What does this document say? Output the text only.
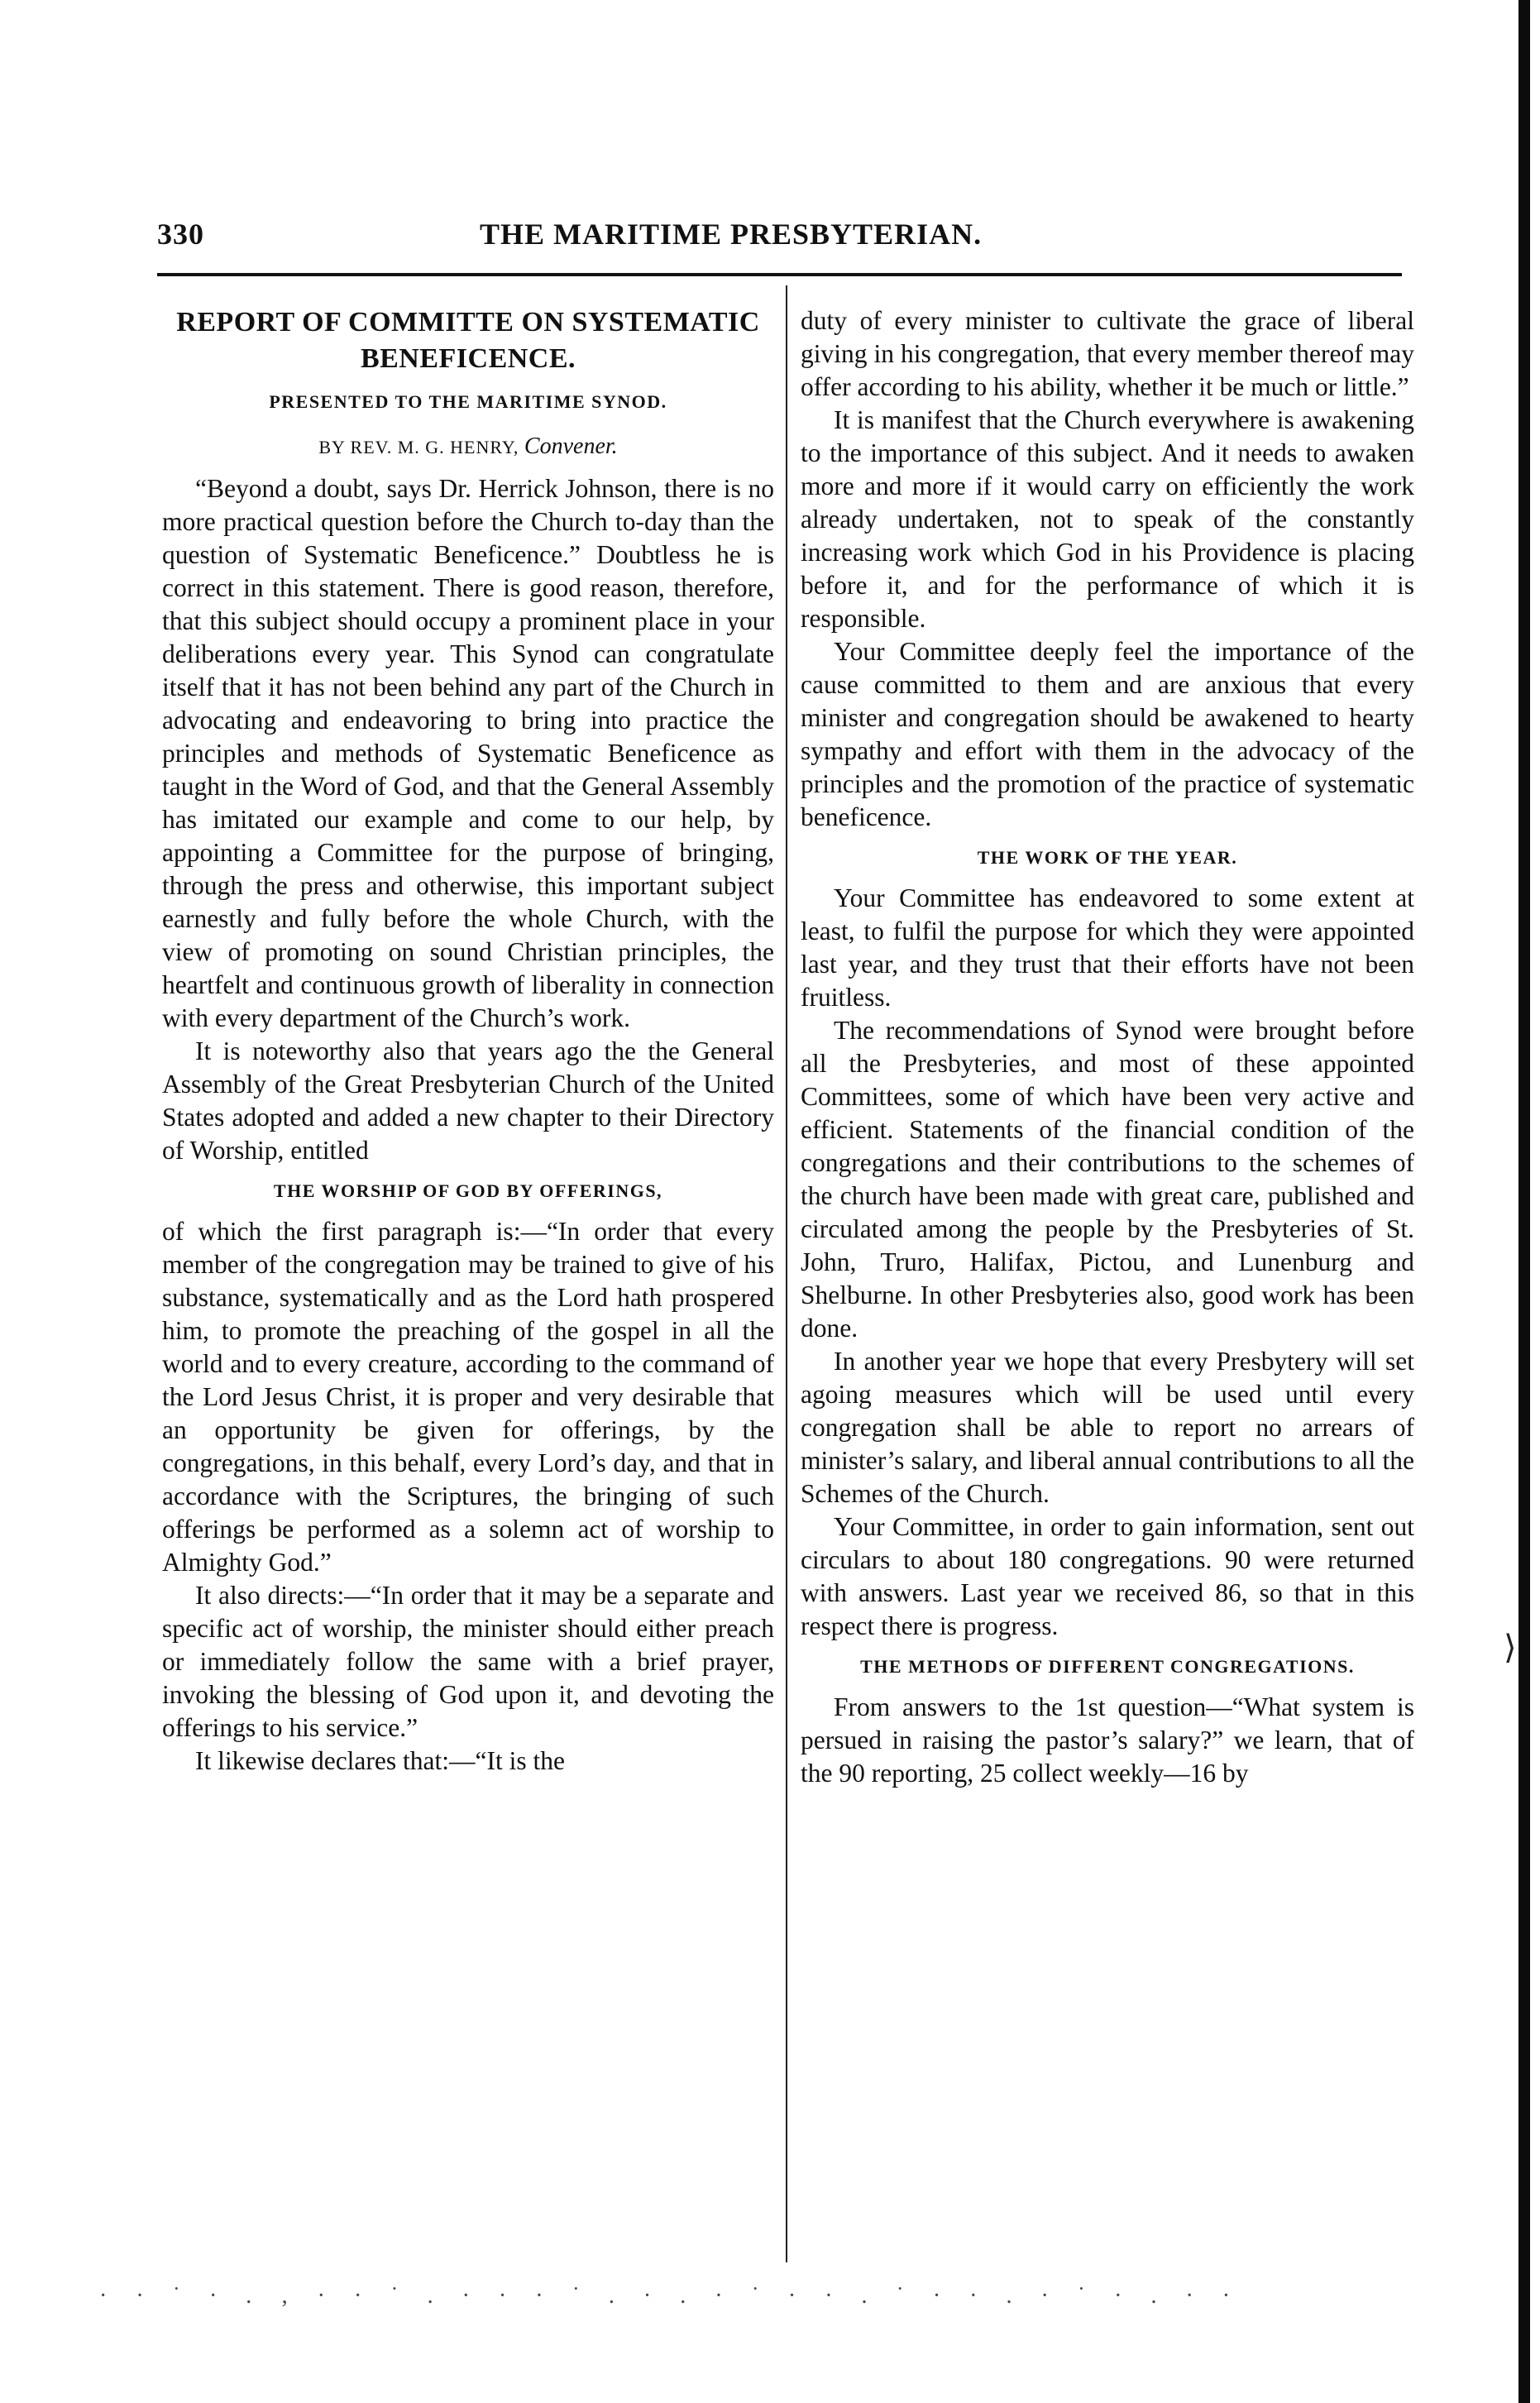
330	THE MARITIME PRESBYTERIAN.
REPORT OF COMMITTE ON SYSTEMATIC BENEFICENCE.
PRESENTED TO THE MARITIME SYNOD.
BY REV. M. G. HENRY, Convener.

“Beyond a doubt, says Dr. Herrick Johnson, there is no more practical question before the Church to-day than the question of Systematic Beneficence.” Doubtless he is correct in this statement. There is good reason, therefore, that this subject should occupy a prominent place in your deliberations every year. This Synod can congratulate itself that it has not been behind any part of the Church in advocating and endeavoring to bring into practice the principles and methods of Systematic Beneficence as taught in the Word of God, and that the General Assembly has imitated our example and come to our help, by appointing a Committee for the purpose of bringing, through the press and otherwise, this important subject earnestly and fully before the whole Church, with the view of promoting on sound Christian principles, the heartfelt and continuous growth of liberality in connection with every department of the Church’s work.

It is noteworthy also that years ago the the General Assembly of the Great Presbyterian Church of the United States adopted and added a new chapter to their Directory of Worship, entitled

THE WORSHIP OF GOD BY OFFERINGS,

of which the first paragraph is:—“In order that every member of the congregation may be trained to give of his substance, systematically and as the Lord hath prospered him, to promote the preaching of the gospel in all the world and to every creature, according to the command of the Lord Jesus Christ, it is proper and very desirable that an opportunity be given for offerings, by the congregations, in this behalf, every Lord’s day, and that in accordance with the Scriptures, the bringing of such offerings be performed as a solemn act of worship to Almighty God.”

It also directs:—“In order that it may be a separate and specific act of worship, the minister should either preach or immediately follow the same with a brief prayer, invoking the blessing of God upon it, and devoting the offerings to his service.”

It likewise declares that:—“It is the

duty of every minister to cultivate the grace of liberal giving in his congregation, that every member thereof may offer according to his ability, whether it be much or little.”

It is manifest that the Church everywhere is awakening to the importance of this subject. And it needs to awaken more and more if it would carry on efficiently the work already undertaken, not to speak of the constantly increasing work which God in his Providence is placing before it, and for the performance of which it is responsible.

Your Committee deeply feel the importance of the cause committed to them and are anxious that every minister and congregation should be awakened to hearty sympathy and effort with them in the advocacy of the principles and the promotion of the practice of systematic beneficence.

THE WORK OF THE YEAR.

Your Committee has endeavored to some extent at least, to fulfil the purpose for which they were appointed last year, and they trust that their efforts have not been fruitless.

The recommendations of Synod were brought before all the Presbyteries, and most of these appointed Committees, some of which have been very active and efficient. Statements of the financial condition of the congregations and their contributions to the schemes of the church have been made with great care, published and circulated among the people by the Presbyteries of St. John, Truro, Halifax, Pictou, and Lunenburg and Shelburne. In other Presbyteries also, good work has been done.

In another year we hope that every Presbytery will set agoing measures which will be used until every congregation shall be able to report no arrears of minister’s salary, and liberal annual contributions to all the Schemes of the Church.

Your Committee, in order to gain information, sent out circulars to about 180 congregations. 90 were returned with answers. Last year we received 86, so that in this respect there is progress.

THE METHODS OF DIFFERENT CONGREGATIONS.

From answers to the 1st question—“What system is persued in raising the pastor’s salary?” we learn, that of the 90 reporting, 25 collect weekly—16 by

· · ˙ · . ‚ · · ˙ . · · · ˙ . · . · ˙ · · . ˙ · · . · ˙ · . · ·
⟩
